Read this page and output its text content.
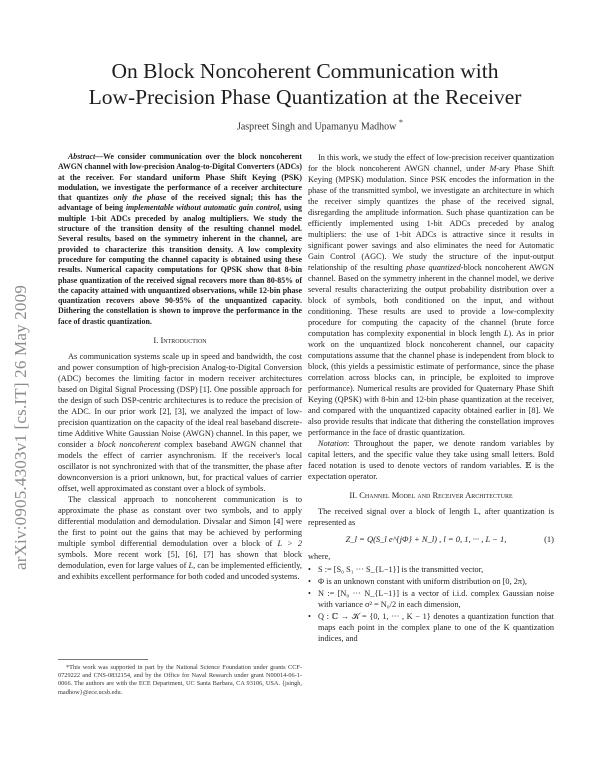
arXiv:0905.4303v1 [cs.IT] 26 May 2009
On Block Noncoherent Communication with
Low-Precision Phase Quantization at the Receiver
Jaspreet Singh and Upamanyu Madhow *

Abstract—We consider communication over the block noncoherent AWGN channel with low-precision Analog-to-Digital Converters (ADCs) at the receiver. For standard uniform Phase Shift Keying (PSK) modulation, we investigate the performance of a receiver architecture that quantizes only the phase of the received signal; this has the advantage of being implementable without automatic gain control, using multiple 1-bit ADCs preceded by analog multipliers. We study the structure of the transition density of the resulting channel model. Several results, based on the symmetry inherent in the channel, are provided to characterize this transition density. A low complexity procedure for computing the channel capacity is obtained using these results. Numerical capacity computations for QPSK show that 8-bin phase quantization of the received signal recovers more than 80-85% of the capacity attained with unquantized observations, while 12-bin phase quantization recovers above 90-95% of the unquantized capacity. Dithering the constellation is shown to improve the performance in the face of drastic quantization.

I. Introduction

As communication systems scale up in speed and bandwidth, the cost and power consumption of high-precision Analog-to-Digital Conversion (ADC) becomes the limiting factor in modern receiver architectures based on Digital Signal Processing (DSP) [1]. One possible approach for the design of such DSP-centric architectures is to reduce the precision of the ADC. In our prior work [2], [3], we analyzed the impact of low-precision quantization on the capacity of the ideal real baseband discrete-time Additive White Gaussian Noise (AWGN) channel. In this paper, we consider a block noncoherent complex baseband AWGN channel that models the effect of carrier asynchronism. If the receiver's local oscillator is not synchronized with that of the transmitter, the phase after downconversion is a priori unknown, but, for practical values of carrier offset, well approximated as constant over a block of symbols.

The classical approach to noncoherent communication is to approximate the phase as constant over two symbols, and to apply differential modulation and demodulation. Divsalar and Simon [4] were the first to point out the gains that may be achieved by performing multiple symbol differential demodulation over a block of L > 2 symbols. More recent work [5], [6], [7] has shown that block demodulation, even for large values of L, can be implemented efficiently, and exhibits excellent performance for both coded and uncoded systems.

*This work was supported in part by the National Science Foundation under grants CCF-0729222 and CNS-0832154, and by the Office for Naval Research under grant N00014-06-1-0066. The authors are with the ECE Department, UC Santa Barbara, CA 93106, USA. {jsingh, madhow}@ece.ucsb.edu.

In this work, we study the effect of low-precision receiver quantization for the block noncoherent AWGN channel, under M-ary Phase Shift Keying (MPSK) modulation. Since PSK encodes the information in the phase of the transmitted symbol, we investigate an architecture in which the receiver simply quantizes the phase of the received signal, disregarding the amplitude information. Such phase quantization can be efficiently implemented using 1-bit ADCs preceded by analog multipliers: the use of 1-bit ADCs is attractive since it results in significant power savings and also eliminates the need for Automatic Gain Control (AGC). We study the structure of the input-output relationship of the resulting phase quantized-block noncoherent AWGN channel. Based on the symmetry inherent in the channel model, we derive several results characterizing the output probability distribution over a block of symbols, both conditioned on the input, and without conditioning. These results are used to provide a low-complexity procedure for computing the capacity of the channel (brute force computation has complexity exponential in block length L). As in prior work on the unquantized block noncoherent channel, our capacity computations assume that the channel phase is independent from block to block, (this yields a pessimistic estimate of performance, since the phase correlation across blocks can, in principle, be exploited to improve performance). Numerical results are provided for Quaternary Phase Shift Keying (QPSK) with 8-bin and 12-bin phase quantization at the receiver, and compared with the unquantized capacity obtained earlier in [8]. We also provide results that indicate that dithering the constellation improves performance in the face of drastic quantization.

Notation: Throughout the paper, we denote random variables by capital letters, and the specific value they take using small letters. Bold faced notation is used to denote vectors of random variables. 𝔼 is the expectation operator.

II. Channel Model and Receiver Architecture

The received signal over a block of length L, after quantization is represented as

Z_l = Q(S_l e^{jΦ} + N_l) , l = 0, 1, ··· , L − 1,	(1)

where,

• S := [S₀ S₁ ··· S_{L−1}] is the transmitted vector,
• Φ is an unknown constant with uniform distribution on [0, 2π),
• N := [N₀ ··· N_{L−1}] is a vector of i.i.d. complex Gaussian noise with variance σ² = N₀/2 in each dimension,
• Q : ℂ → 𝒦 = {0, 1, ··· , K − 1} denotes a quantization function that maps each point in the complex plane to one of the K quantization indices, and
